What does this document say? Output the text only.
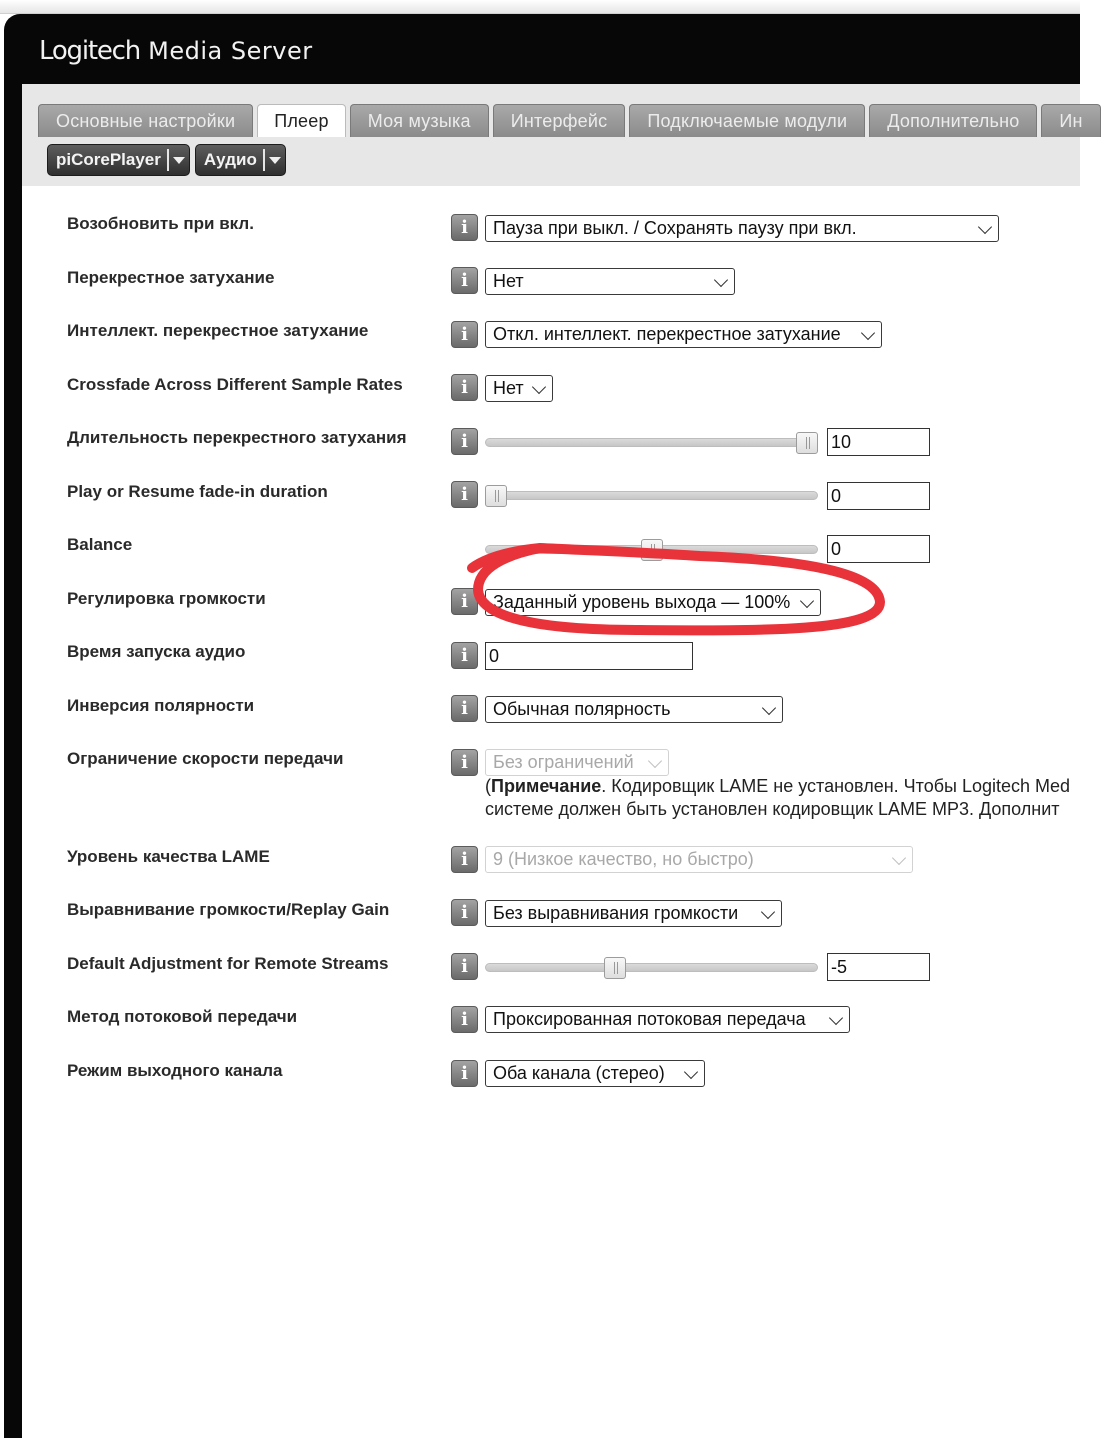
Logitech Media Server
Основные настройки	Плеер	Моя музыка	Интерфейс	Подключаемые модули	Дополнительно	Ин
piCorePlayer	Аудио
Возобновить при вкл.	i	Пауза при выкл. / Сохранять паузу при вкл.
Перекрестное затухание	i	Нет
Интеллект. перекрестное затухание	i	Откл. интеллект. перекрестное затухание
Crossfade Across Different Sample Rates	i	Нет
Длительность перекрестного затухания	i	10
Play or Resume fade-in duration	i	0
Balance	0
Регулировка громкости	i	Заданный уровень выхода — 100%
Время запуска аудио	i	0
Инверсия полярности	i	Обычная полярность
Ограничение скорости передачи	i	Без ограничений
(Примечание. Кодировщик LAME не установлен. Чтобы Logitech Med
системе должен быть установлен кодировщик LAME MP3. Дополнит
Уровень качества LAME	i	9 (Низкое качество, но быстро)
Выравнивание громкости/Replay Gain	i	Без выравнивания громкости
Default Adjustment for Remote Streams	i	-5
Метод потоковой передачи	i	Проксированная потоковая передача
Режим выходного канала	i	Оба канала (стерео)
